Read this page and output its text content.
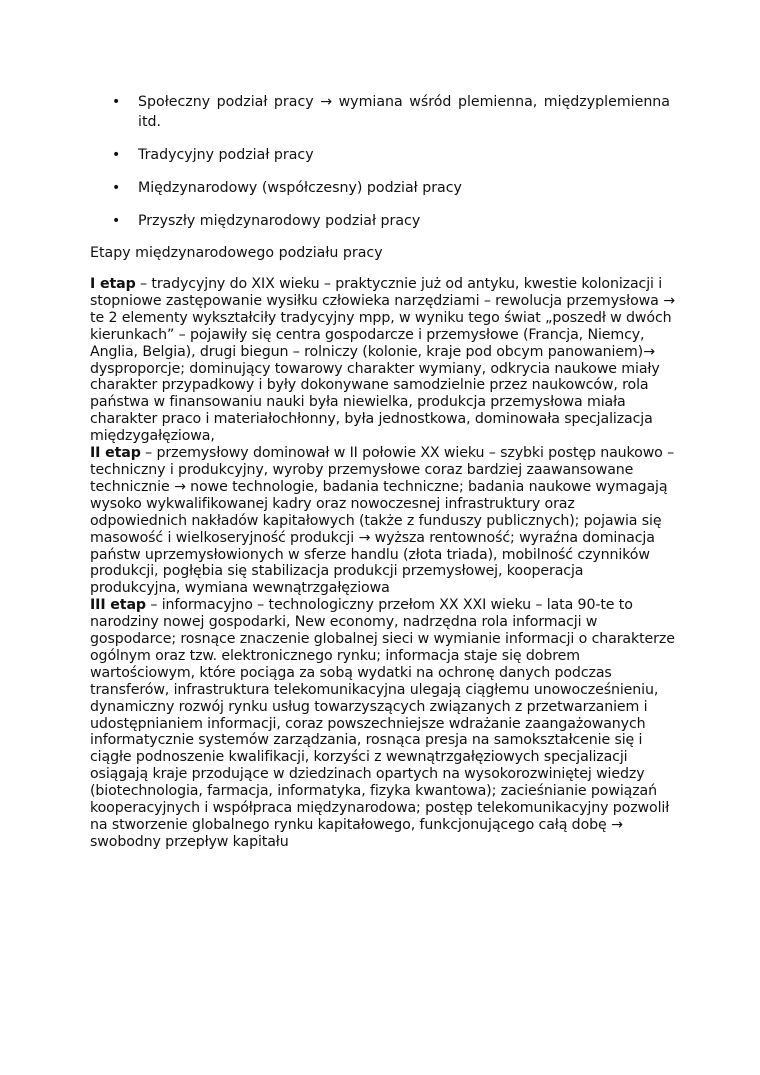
• Społeczny podział pracy → wymiana wśród plemienna, międzyplemienna itd.
• Tradycyjny podział pracy
• Międzynarodowy (współczesny) podział pracy
• Przyszły międzynarodowy podział pracy
Etapy międzynarodowego podziału pracy

I etap – tradycyjny do XIX wieku – praktycznie już od antyku, kwestie kolonizacji i stopniowe zastępowanie wysiłku człowieka narzędziami – rewolucja przemysłowa → te 2 elementy wykształciły tradycyjny mpp, w wyniku tego świat „poszedł w dwóch kierunkach” – pojawiły się centra gospodarcze i przemysłowe (Francja, Niemcy, Anglia, Belgia), drugi biegun – rolniczy (kolonie, kraje pod obcym panowaniem)→ dysproporcje; dominujący towarowy charakter wymiany, odkrycia naukowe miały charakter przypadkowy i były dokonywane samodzielnie przez naukowców, rola państwa w finansowaniu nauki była niewielka, produkcja przemysłowa miała charakter praco i materiałochłonny, była jednostkowa, dominowała specjalizacja międzygałęziowa,

II etap – przemysłowy dominował w II połowie XX wieku – szybki postęp naukowo –techniczny i produkcyjny, wyroby przemysłowe coraz bardziej zaawansowane technicznie → nowe technologie, badania techniczne; badania naukowe wymagają wysoko wykwalifikowanej kadry oraz nowoczesnej infrastruktury oraz odpowiednich nakładów kapitałowych (także z funduszy publicznych); pojawia się masowość i wielkoseryjność produkcji → wyższa rentowność; wyraźna dominacja państw uprzemysłowionych w sferze handlu (złota triada), mobilność czynników produkcji, pogłębia się stabilizacja produkcji przemysłowej, kooperacja produkcyjna, wymiana wewnątrzgałęziowa

III etap – informacyjno – technologiczny przełom XX XXI wieku – lata 90-te to narodziny nowej gospodarki, New economy, nadrzędna rola informacji w gospodarce; rosnące znaczenie globalnej sieci w wymianie informacji o charakterze ogólnym oraz tzw. elektronicznego rynku; informacja staje się dobrem wartościowym, które pociąga za sobą wydatki na ochronę danych podczas transferów, infrastruktura telekomunikacyjna ulegają ciągłemu unowocześnieniu, dynamiczny rozwój rynku usług towarzyszących związanych z przetwarzaniem i udostępnianiem informacji, coraz powszechniejsze wdrażanie zaangażowanych informatycznie systemów zarządzania, rosnąca presja na samokształcenie się i ciągłe podnoszenie kwalifikacji, korzyści z wewnątrzgałęziowych specjalizacji osiągają kraje przodujące w dziedzinach opartych na wysokorozwiniętej wiedzy (biotechnologia, farmacja, informatyka, fizyka kwantowa); zacieśnianie powiązań kooperacyjnych i współpraca międzynarodowa; postęp telekomunikacyjny pozwolił na stworzenie globalnego rynku kapitałowego, funkcjonującego całą dobę → swobodny przepływ kapitału
